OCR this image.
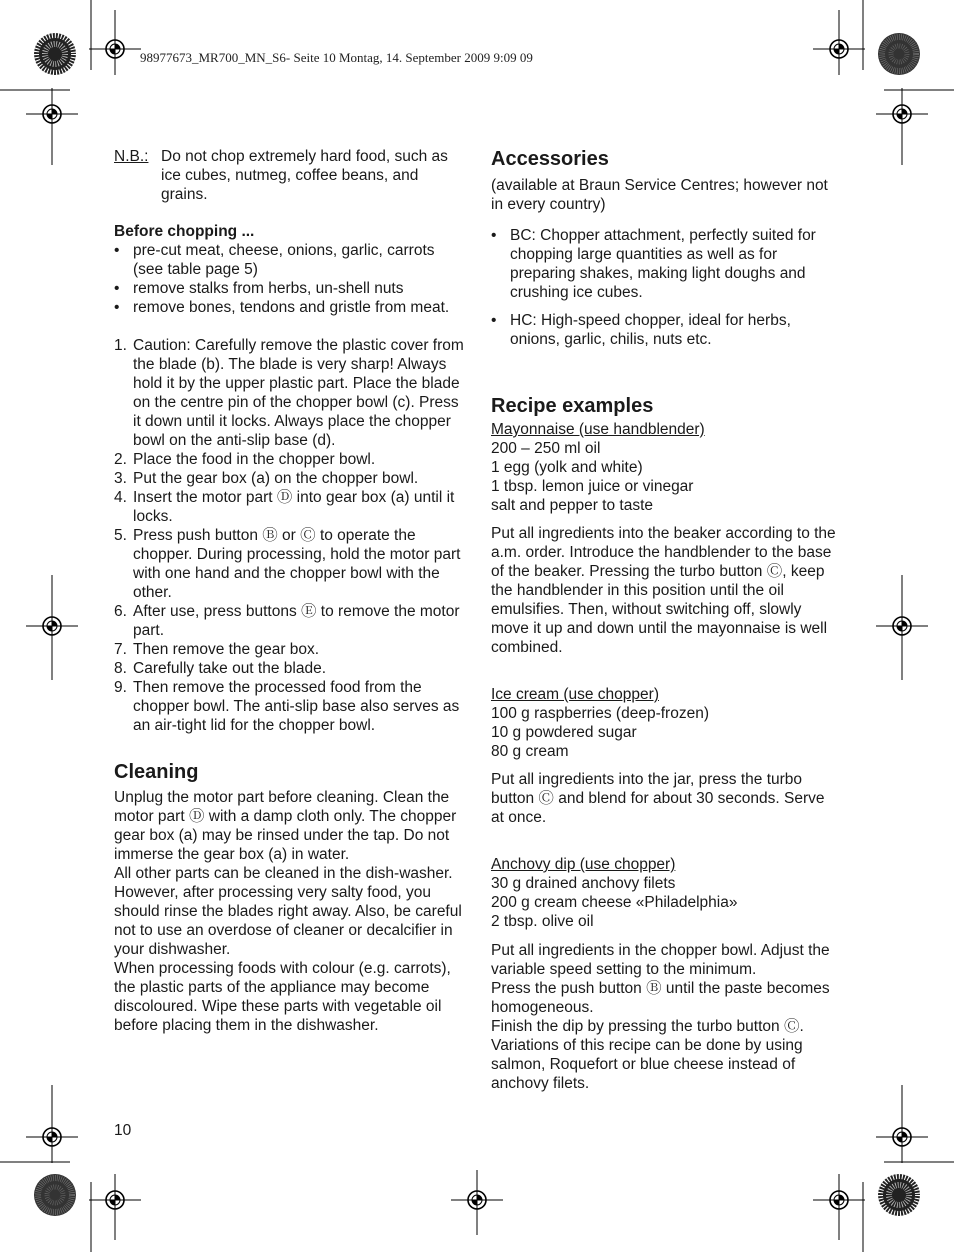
98977673_MR700_MN_S6- Seite 10 Montag, 14. September 2009 9:09 09
N.B.: Do not chop extremely hard food, such as ice cubes, nutmeg, coffee beans, and grains.

Before chopping ...

• pre-cut meat, cheese, onions, garlic, carrots (see table page 5)
• remove stalks from herbs, un-shell nuts
• remove bones, tendons and gristle from meat.
1. Caution: Carefully remove the plastic cover from the blade (b). The blade is very sharp! Always hold it by the upper plastic part. Place the blade on the centre pin of the chopper bowl (c). Press it down until it locks. Always place the chopper bowl on the anti-slip base (d).
2. Place the food in the chopper bowl.
3. Put the gear box (a) on the chopper bowl.
4. Insert the motor part Ⓓ into gear box (a) until it locks.
5. Press push button Ⓑ or Ⓒ to operate the chopper. During processing, hold the motor part with one hand and the chopper bowl with the other.
6. After use, press buttons Ⓔ to remove the motor part.
7. Then remove the gear box.
8. Carefully take out the blade.
9. Then remove the processed food from the chopper bowl. The anti-slip base also serves as an air-tight lid for the chopper bowl.

Cleaning

Unplug the motor part before cleaning. Clean the motor part Ⓓ with a damp cloth only. The chopper gear box (a) may be rinsed under the tap. Do not immerse the gear box (a) in water.

All other parts can be cleaned in the dish-washer. However, after processing very salty food, you should rinse the blades right away. Also, be careful not to use an overdose of cleaner or decalcifier in your dishwasher.

When processing foods with colour (e.g. carrots), the plastic parts of the appliance may become discoloured. Wipe these parts with vegetable oil before placing them in the dishwasher.

10

Accessories

(available at Braun Service Centres; however not in every country)

• BC: Chopper attachment, perfectly suited for chopping large quantities as well as for preparing shakes, making light doughs and crushing ice cubes.
• HC: High-speed chopper, ideal for herbs, onions, garlic, chilis, nuts etc.

Recipe examples

Mayonnaise (use handblender)

200 – 250 ml oil

1 egg (yolk and white)

1 tbsp. lemon juice or vinegar

salt and pepper to taste

Put all ingredients into the beaker according to the a.m. order. Introduce the handblender to the base of the beaker. Pressing the turbo button Ⓒ, keep the handblender in this position until the oil emulsifies. Then, without switching off, slowly move it up and down until the mayonnaise is well combined.

Ice cream (use chopper)

100 g raspberries (deep-frozen)

10 g powdered sugar

80 g cream

Put all ingredients into the jar, press the turbo button Ⓒ and blend for about 30 seconds. Serve at once.

Anchovy dip (use chopper)

30 g drained anchovy filets

200 g cream cheese «Philadelphia»

2 tbsp. olive oil

Put all ingredients in the chopper bowl. Adjust the variable speed setting to the minimum.

Press the push button Ⓑ until the paste becomes homogeneous.

Finish the dip by pressing the turbo button Ⓒ. Variations of this recipe can be done by using salmon, Roquefort or blue cheese instead of anchovy filets.
